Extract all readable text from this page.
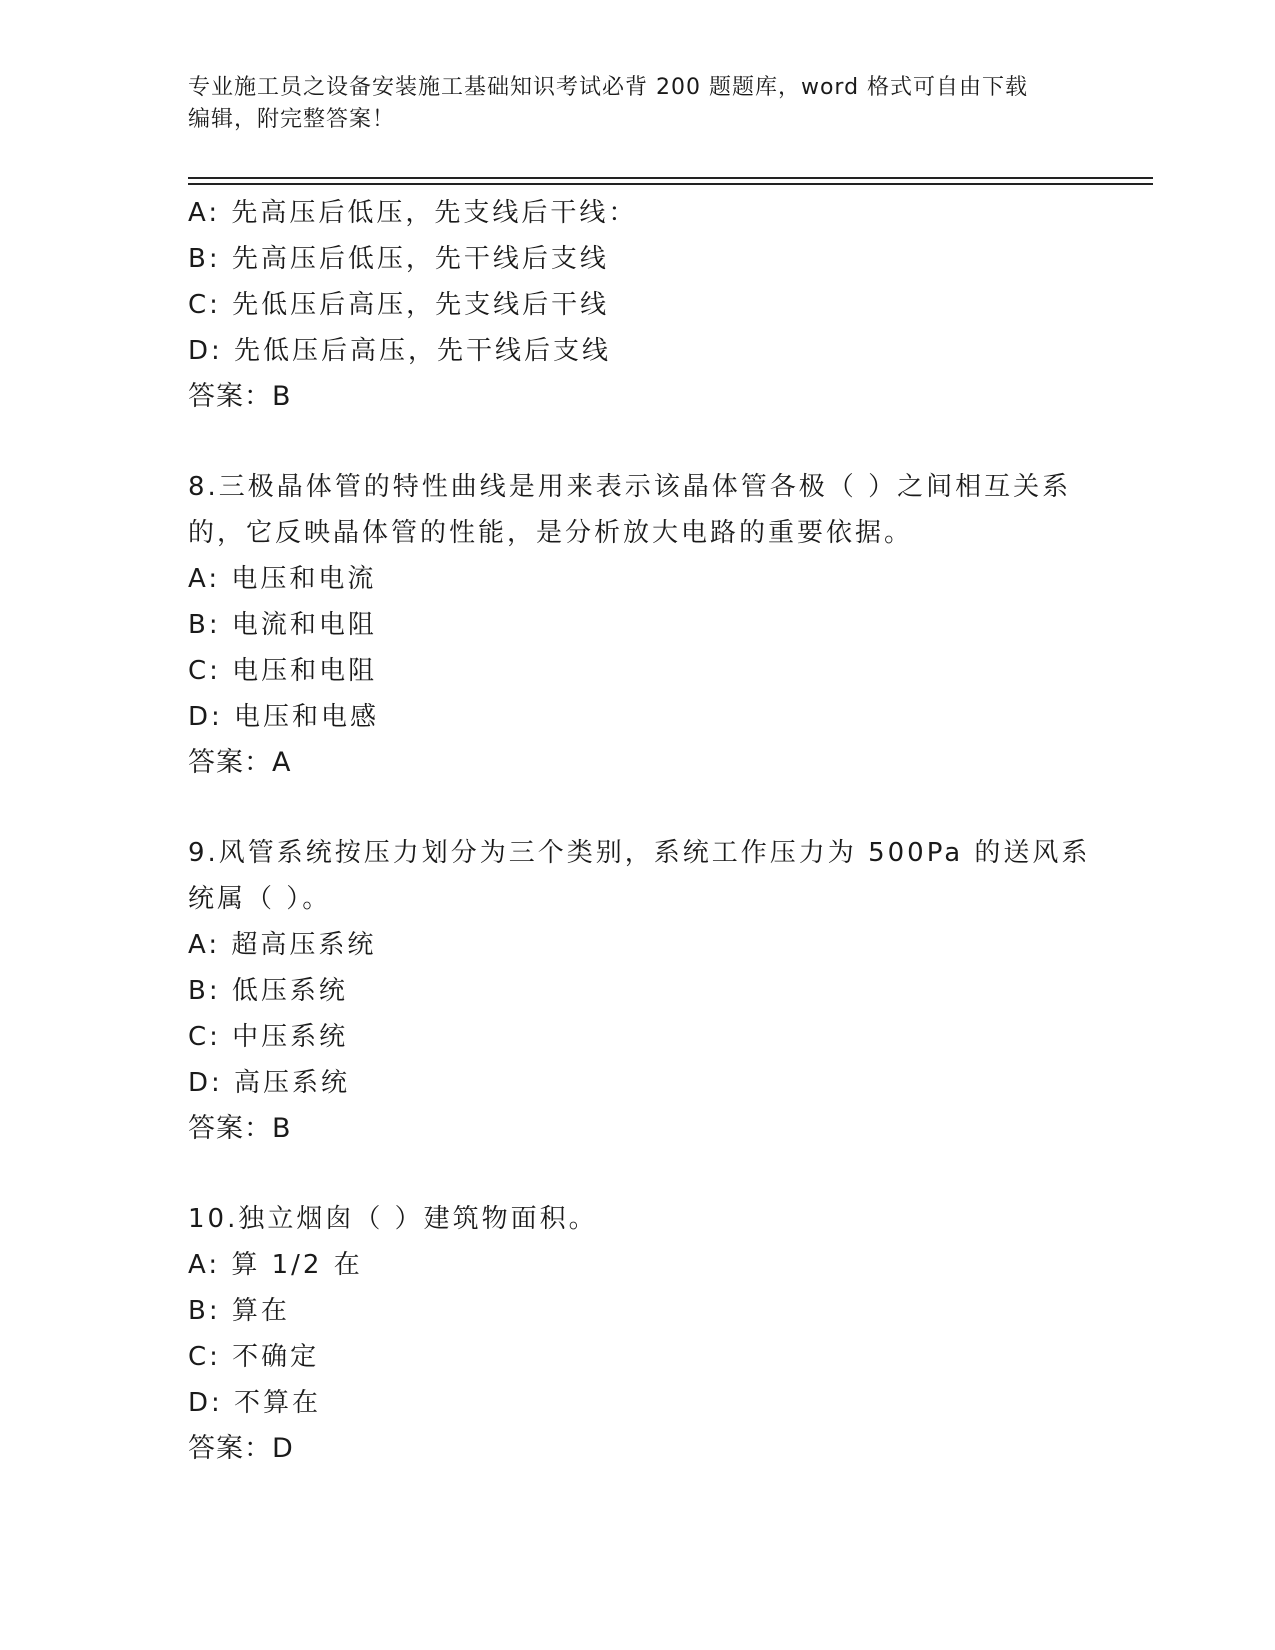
专业施工员之设备安装施工基础知识考试必背 200 题题库，word 格式可自由下载
编辑，附完整答案！
A: 先高压后低压，先支线后干线：
B: 先高压后低压，先干线后支线
C: 先低压后高压，先支线后干线
D: 先低压后高压，先干线后支线
答案：B
8.三极晶体管的特性曲线是用来表示该晶体管各极（ ）之间相互关系
的，它反映晶体管的性能，是分析放大电路的重要依据。
A: 电压和电流
B: 电流和电阻
C: 电压和电阻
D: 电压和电感
答案：A
9.风管系统按压力划分为三个类别，系统工作压力为 500Pa 的送风系
统属（ ）。
A: 超高压系统
B: 低压系统
C: 中压系统
D: 高压系统
答案：B
10.独立烟囱（ ）建筑物面积。
A: 算 1/2 在
B: 算在
C: 不确定
D: 不算在
答案：D
